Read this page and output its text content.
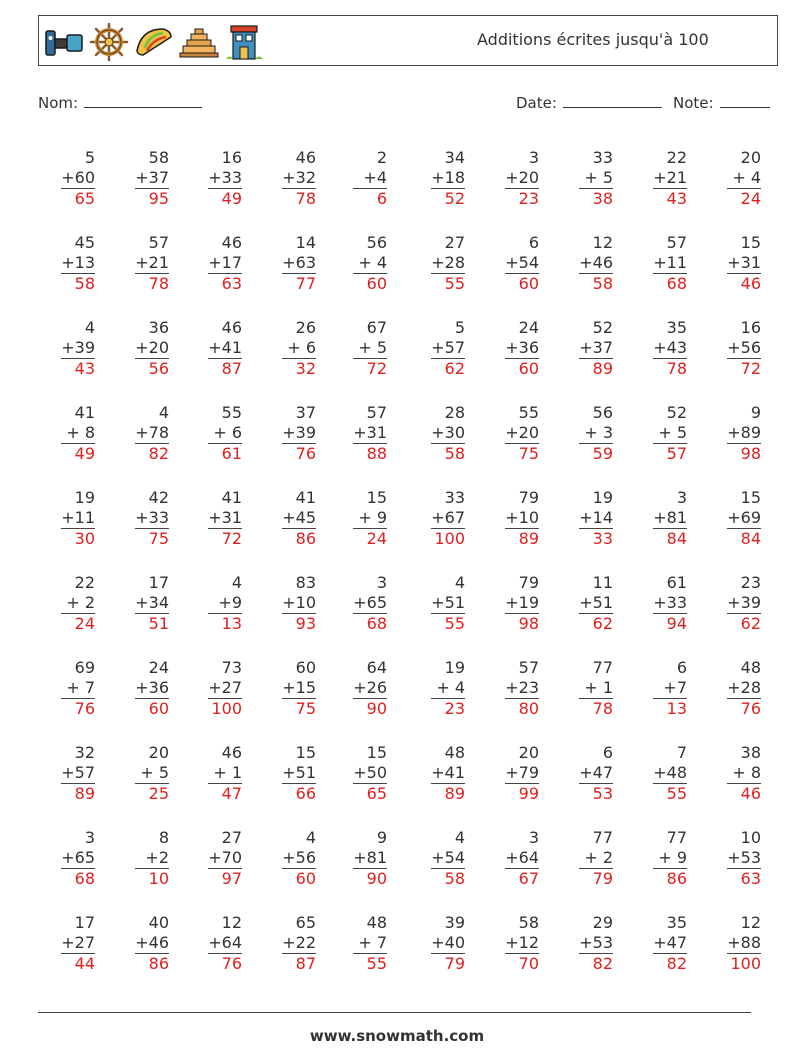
Additions écrites jusqu'à 100
Nom:	Date:	Note:
5
+60
65
58
+37
95
16
+33
49
46
+32
78
2
+4
6
34
+18
52
3
+20
23
33
+ 5
38
22
+21
43
20
+ 4
24
45
+13
58
57
+21
78
46
+17
63
14
+63
77
56
+ 4
60
27
+28
55
6
+54
60
12
+46
58
57
+11
68
15
+31
46
4
+39
43
36
+20
56
46
+41
87
26
+ 6
32
67
+ 5
72
5
+57
62
24
+36
60
52
+37
89
35
+43
78
16
+56
72
41
+ 8
49
4
+78
82
55
+ 6
61
37
+39
76
57
+31
88
28
+30
58
55
+20
75
56
+ 3
59
52
+ 5
57
9
+89
98
19
+11
30
42
+33
75
41
+31
72
41
+45
86
15
+ 9
24
33
+67
100
79
+10
89
19
+14
33
3
+81
84
15
+69
84
22
+ 2
24
17
+34
51
4
+9
13
83
+10
93
3
+65
68
4
+51
55
79
+19
98
11
+51
62
61
+33
94
23
+39
62
69
+ 7
76
24
+36
60
73
+27
100
60
+15
75
64
+26
90
19
+ 4
23
57
+23
80
77
+ 1
78
6
+7
13
48
+28
76
32
+57
89
20
+ 5
25
46
+ 1
47
15
+51
66
15
+50
65
48
+41
89
20
+79
99
6
+47
53
7
+48
55
38
+ 8
46
3
+65
68
8
+2
10
27
+70
97
4
+56
60
9
+81
90
4
+54
58
3
+64
67
77
+ 2
79
77
+ 9
86
10
+53
63
17
+27
44
40
+46
86
12
+64
76
65
+22
87
48
+ 7
55
39
+40
79
58
+12
70
29
+53
82
35
+47
82
12
+88
100
www.snowmath.com
